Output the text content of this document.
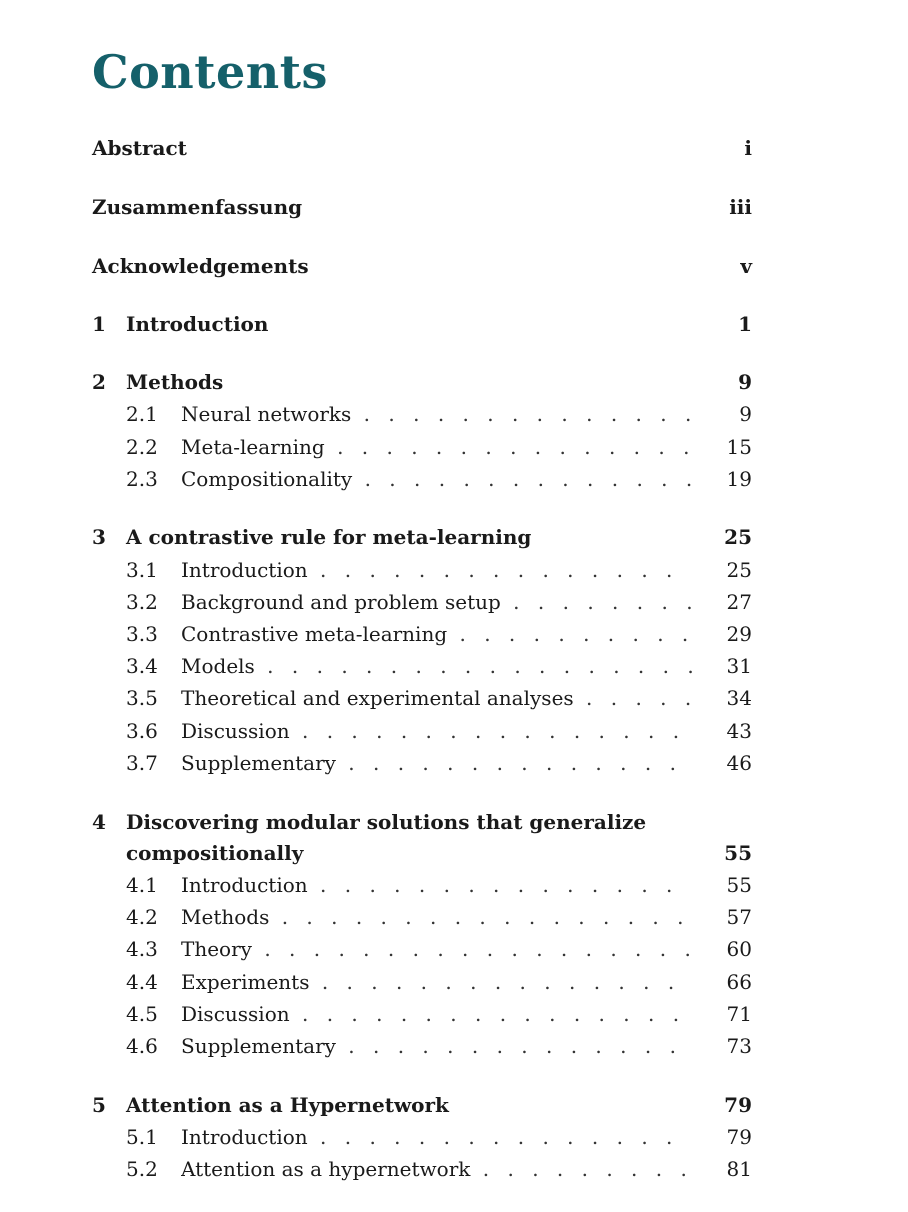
Contents
Abstract	i
Zusammenfassung	iii
Acknowledgements	v
1 Introduction	1
2 Methods	9
2.1 Neural networks . . .	9
2.2 Meta-learning . . .	15
2.3 Compositionality . . .	19
3 A contrastive rule for meta-learning	25
3.1 Introduction . . .	25
3.2 Background and problem setup . . .	27
3.3 Contrastive meta-learning . . .	29
3.4 Models . . .	31
3.5 Theoretical and experimental analyses . . .	34
3.6 Discussion . . .	43
3.7 Supplementary . . .	46
4 Discovering modular solutions that generalize
compositionally	55
4.1 Introduction . . .	55
4.2 Methods . . .	57
4.3 Theory . . .	60
4.4 Experiments . . .	66
4.5 Discussion . . .	71
4.6 Supplementary . . .	73
5 Attention as a Hypernetwork	79
5.1 Introduction . . .	79
5.2 Attention as a hypernetwork . . .	81
